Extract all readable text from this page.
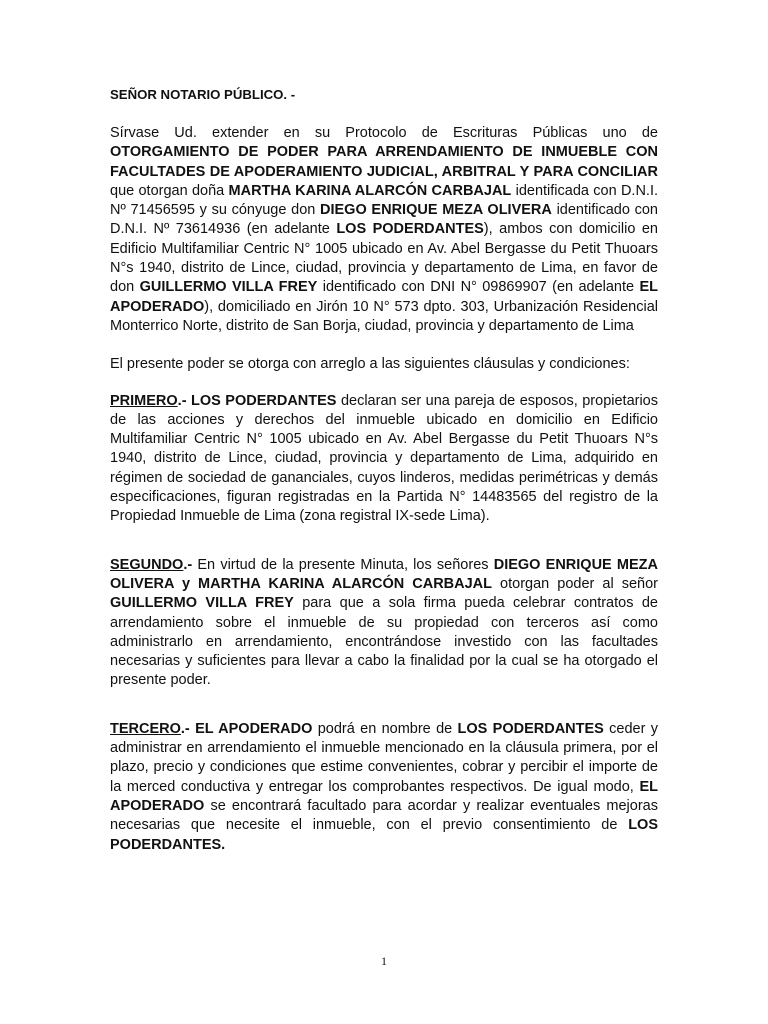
SEÑOR NOTARIO PÚBLICO. -

Sírvase Ud. extender en su Protocolo de Escrituras Públicas uno de OTORGAMIENTO DE PODER PARA ARRENDAMIENTO DE INMUEBLE CON FACULTADES DE APODERAMIENTO JUDICIAL, ARBITRAL Y PARA CONCILIAR que otorgan doña MARTHA KARINA ALARCÓN CARBAJAL identificada con D.N.I. Nº 71456595 y su cónyuge don DIEGO ENRIQUE MEZA OLIVERA identificado con D.N.I. Nº 73614936 (en adelante LOS PODERDANTES), ambos con domicilio en Edificio Multifamiliar Centric N° 1005 ubicado en Av. Abel Bergasse du Petit Thuoars N°s 1940, distrito de Lince, ciudad, provincia y departamento de Lima, en favor de don GUILLERMO VILLA FREY identificado con DNI N° 09869907 (en adelante EL APODERADO), domiciliado en Jirón 10 N° 573 dpto. 303, Urbanización Residencial Monterrico Norte, distrito de San Borja, ciudad, provincia y departamento de Lima

El presente poder se otorga con arreglo a las siguientes cláusulas y condiciones:

PRIMERO.- LOS PODERDANTES declaran ser una pareja de esposos, propietarios de las acciones y derechos del inmueble ubicado en domicilio en Edificio Multifamiliar Centric N° 1005 ubicado en Av. Abel Bergasse du Petit Thuoars N°s 1940, distrito de Lince, ciudad, provincia y departamento de Lima, adquirido en régimen de sociedad de gananciales, cuyos linderos, medidas perimétricas y demás especificaciones, figuran registradas en la Partida N° 14483565 del registro de la Propiedad Inmueble de Lima (zona registral IX-sede Lima).

SEGUNDO.- En virtud de la presente Minuta, los señores DIEGO ENRIQUE MEZA OLIVERA y MARTHA KARINA ALARCÓN CARBAJAL otorgan poder al señor GUILLERMO VILLA FREY para que a sola firma pueda celebrar contratos de arrendamiento sobre el inmueble de su propiedad con terceros así como administrarlo en arrendamiento, encontrándose investido con las facultades necesarias y suficientes para llevar a cabo la finalidad por la cual se ha otorgado el presente poder.

TERCERO.- EL APODERADO podrá en nombre de LOS PODERDANTES ceder y administrar en arrendamiento el inmueble mencionado en la cláusula primera, por el plazo, precio y condiciones que estime convenientes, cobrar y percibir el importe de la merced conductiva y entregar los comprobantes respectivos. De igual modo, EL APODERADO se encontrará facultado para acordar y realizar eventuales mejoras necesarias que necesite el inmueble, con el previo consentimiento de LOS PODERDANTES.

1
